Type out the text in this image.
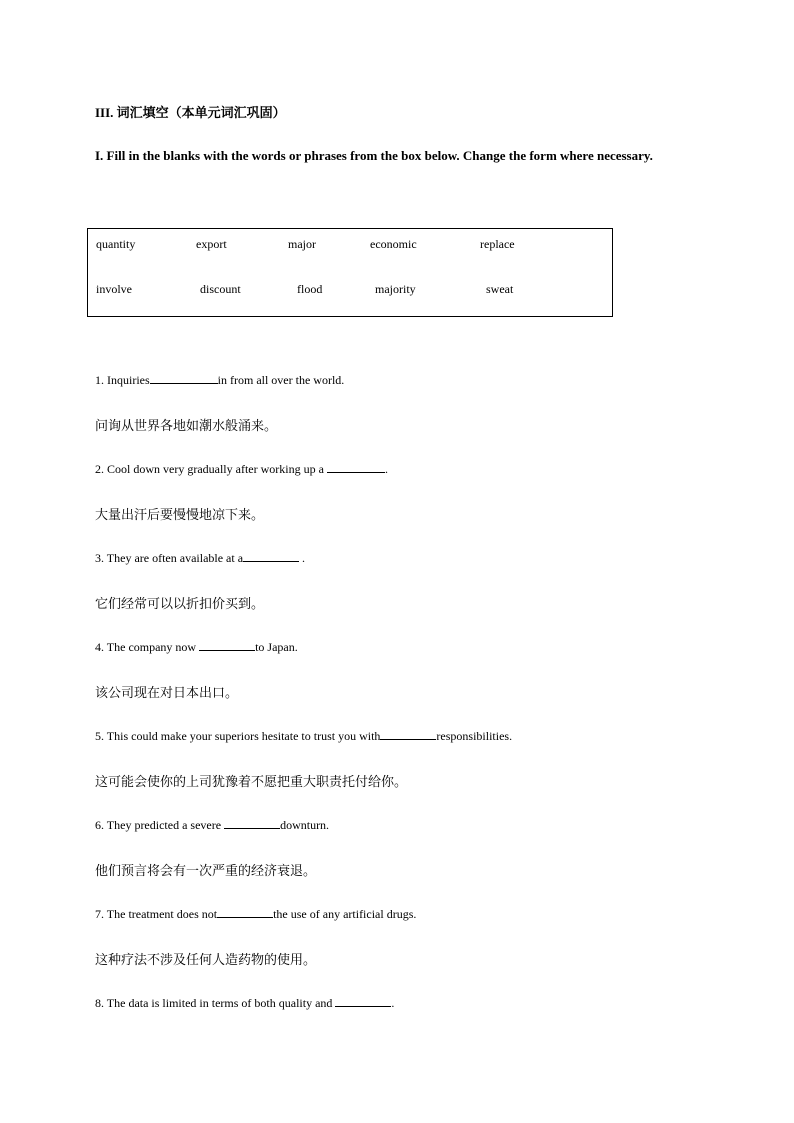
III. 词汇填空（本单元词汇巩固）
I. Fill in the blanks with the words or phrases from the box below. Change the form where necessary.
quantity	export	major	economic	replace
involve	discount	flood	majority	sweat
1. Inquiries	in from all over the world.
问询从世界各地如潮水般涌来。
2. Cool down very gradually after working up a	.
大量出汗后要慢慢地凉下来。
3. They are often available at a	.
它们经常可以以折扣价买到。
4. The company now	to Japan.
该公司现在对日本出口。
5. This could make your superiors hesitate to trust you with	responsibilities.
这可能会使你的上司犹豫着不愿把重大职责托付给你。
6. They predicted a severe	downturn.
他们预言将会有一次严重的经济衰退。
7. The treatment does not	the use of any artificial drugs.
这种疗法不涉及任何人造药物的使用。
8. The data is limited in terms of both quality and	.
